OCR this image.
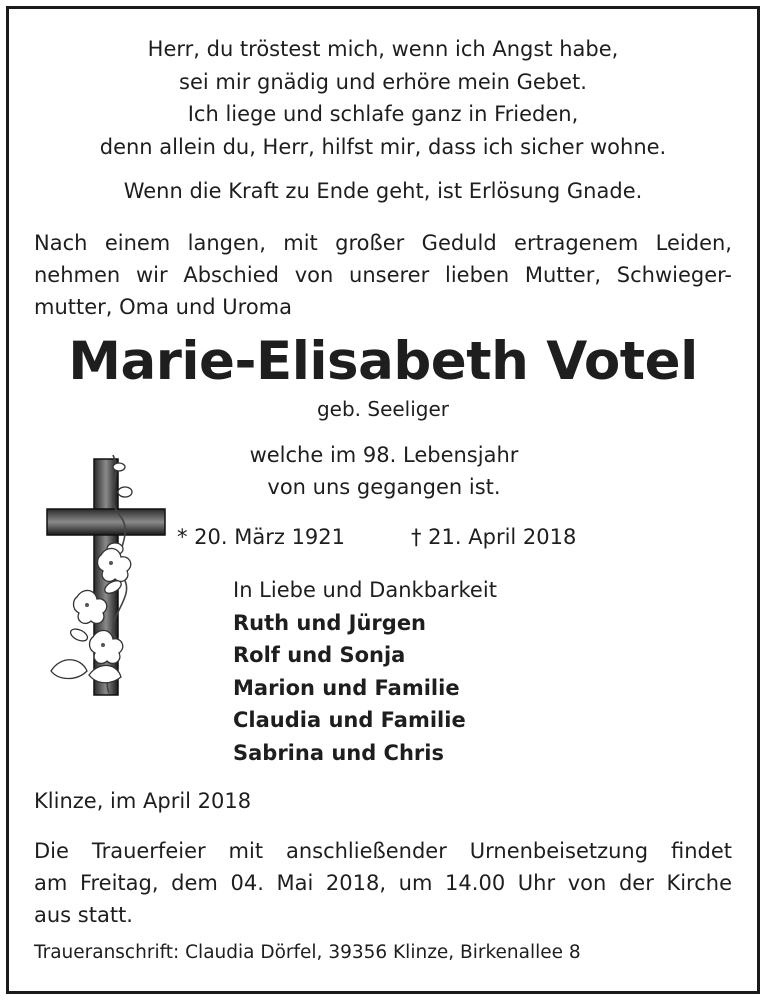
Herr, du tröstest mich, wenn ich Angst habe,
sei mir gnädig und erhöre mein Gebet.
Ich liege und schlafe ganz in Frieden,
denn allein du, Herr, hilfst mir, dass ich sicher wohne.
Wenn die Kraft zu Ende geht, ist Erlösung Gnade.
Nach einem langen, mit großer Geduld ertragenem Leiden,
nehmen wir Abschied von unserer lieben Mutter, Schwieger-
mutter, Oma und Uroma
Marie-Elisabeth Votel
geb. Seeliger
welche im 98. Lebensjahr
von uns gegangen ist.
* 20. März 1921	† 21. April 2018
In Liebe und Dankbarkeit
Ruth und Jürgen
Rolf und Sonja
Marion und Familie
Claudia und Familie
Sabrina und Chris
Klinze, im April 2018
Die Trauerfeier mit anschließender Urnenbeisetzung findet
am Freitag, dem 04. Mai 2018, um 14.00 Uhr von der Kirche
aus statt.
Traueranschrift: Claudia Dörfel, 39356 Klinze, Birkenallee 8
